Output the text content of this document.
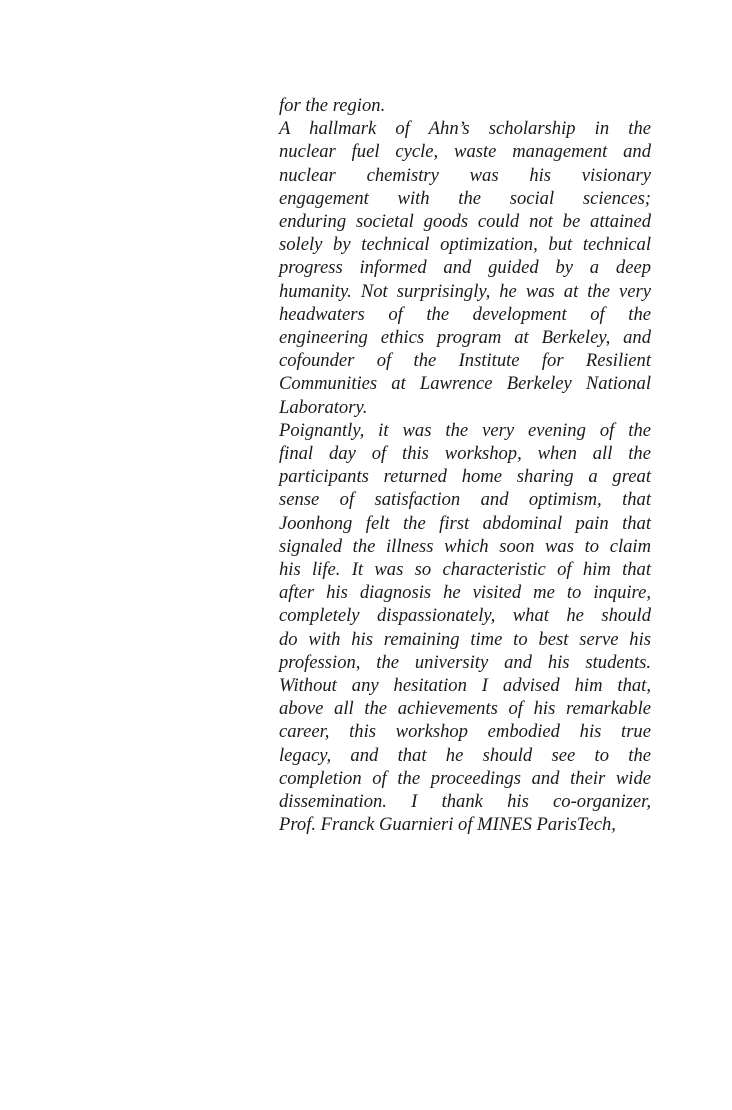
for the region.
A hallmark of Ahn’s scholarship in the
nuclear fuel cycle, waste management and
nuclear chemistry was his visionary
engagement with the social sciences;
enduring societal goods could not be attained
solely by technical optimization, but technical
progress informed and guided by a deep
humanity. Not surprisingly, he was at the very
headwaters of the development of the
engineering ethics program at Berkeley, and
cofounder of the Institute for Resilient
Communities at Lawrence Berkeley National
Laboratory.
Poignantly, it was the very evening of the
final day of this workshop, when all the
participants returned home sharing a great
sense of satisfaction and optimism, that
Joonhong felt the first abdominal pain that
signaled the illness which soon was to claim
his life. It was so characteristic of him that
after his diagnosis he visited me to inquire,
completely dispassionately, what he should
do with his remaining time to best serve his
profession, the university and his students.
Without any hesitation I advised him that,
above all the achievements of his remarkable
career, this workshop embodied his true
legacy, and that he should see to the
completion of the proceedings and their wide
dissemination. I thank his co-organizer,
Prof. Franck Guarnieri of MINES ParisTech,
